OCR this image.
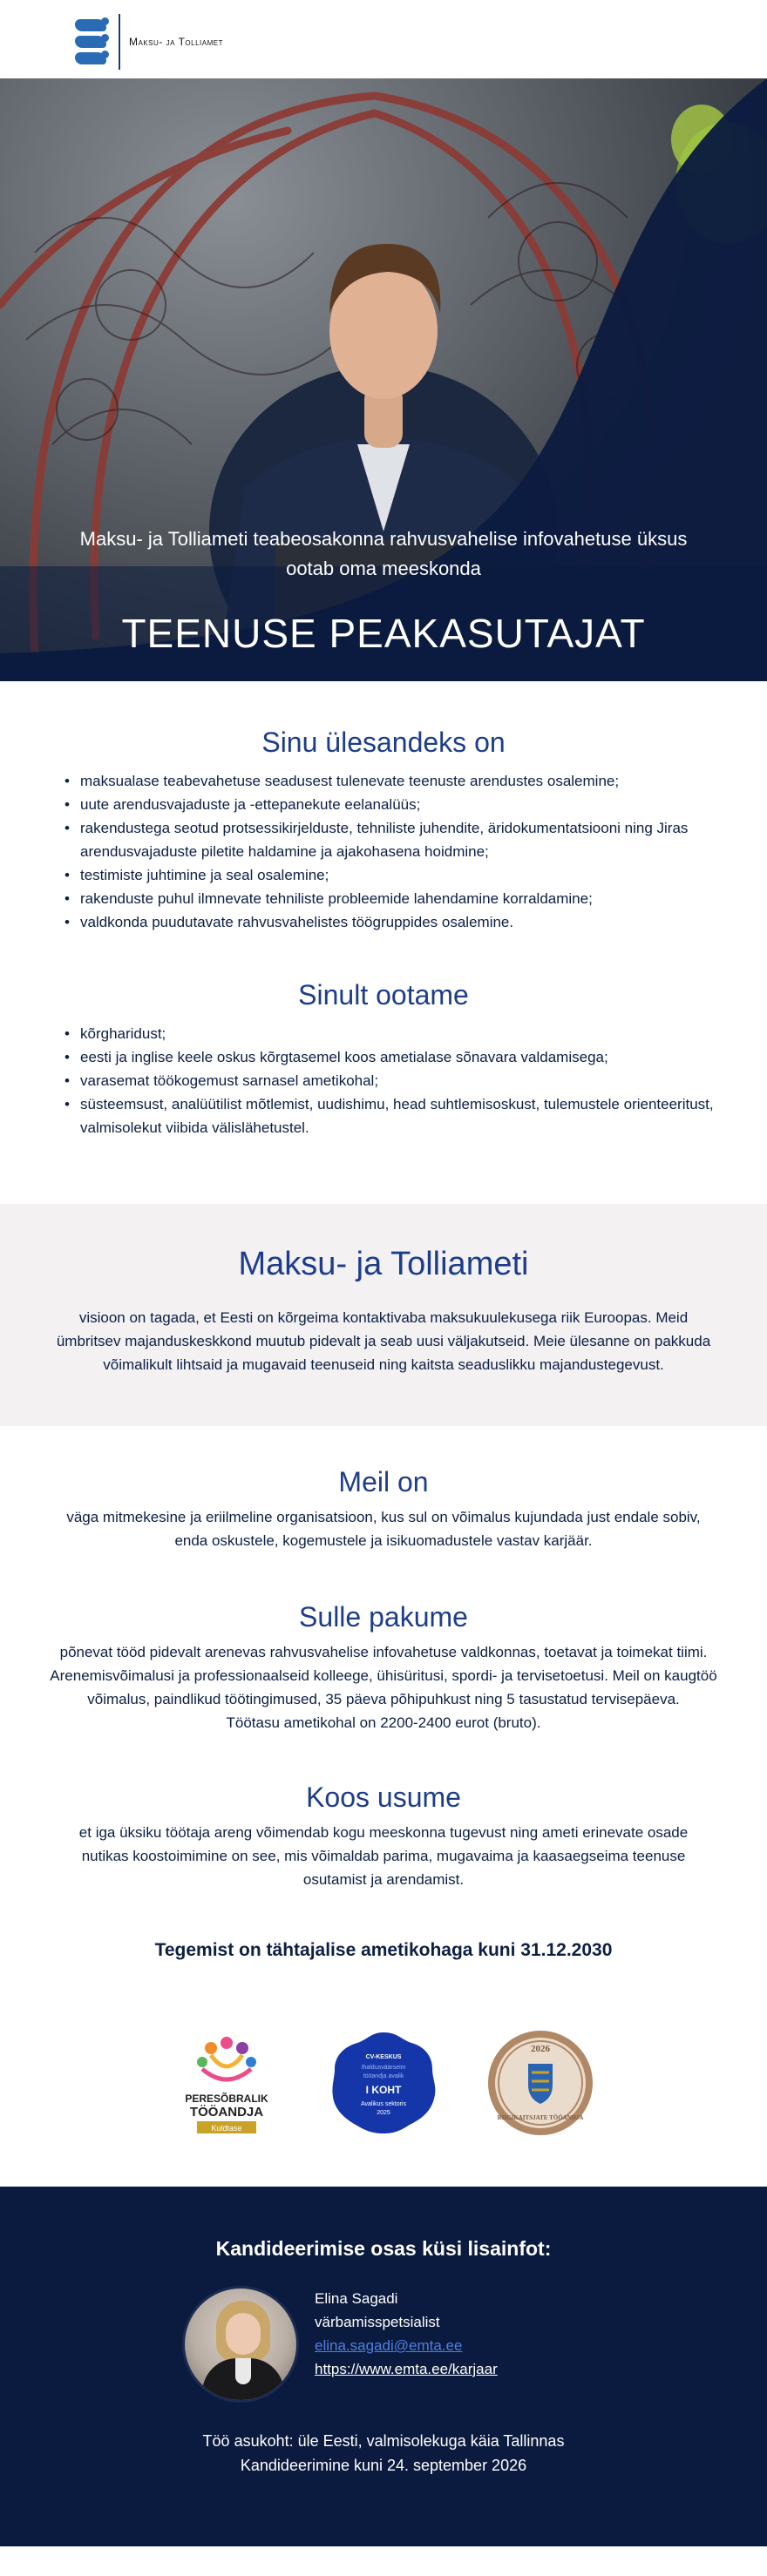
Maksu- ja Tolliamet

Maksu- ja Tolliameti teabeosakonna rahvusvahelise infovahetuse üksus ootab oma meeskonda

TEENUSE PEAKASUTAJAT
Sinu ülesandeks on
• maksualase teabevahetuse seadusest tulenevate teenuste arendustes osalemine;
• uute arendusvajaduste ja -ettepanekute eelanalüüs;
• rakendustega seotud protsessikirjelduste, tehniliste juhendite, äridokumentatsiooni ning Jiras arendusvajaduste piletite haldamine ja ajakohasena hoidmine;
• testimiste juhtimine ja seal osalemine;
• rakenduste puhul ilmnevate tehniliste probleemide lahendamine korraldamine;
• valdkonda puudutavate rahvusvahelistes töögruppides osalemine.
Sinult ootame
• kõrgharidust;
• eesti ja inglise keele oskus kõrgtasemel koos ametialase sõnavara valdamisega;
• varasemat töökogemust sarnasel ametikohal;
• süsteemsust, analüütilist mõtlemist, uudishimu, head suhtlemisoskust, tulemustele orienteeritust, valmisolekut viibida välislähetustel.
Maksu- ja Tolliameti

visioon on tagada, et Eesti on kõrgeima kontaktivaba maksukuulekusega riik Euroopas. Meid ümbritsev majanduskeskkond muutub pidevalt ja seab uusi väljakutseid. Meie ülesanne on pakkuda võimalikult lihtsaid ja mugavaid teenuseid ning kaitsta seaduslikku majandustegevust.

Meil on

väga mitmekesine ja eriilmeline organisatsioon, kus sul on võimalus kujundada just endale sobiv, enda oskustele, kogemustele ja isikuomadustele vastav karjäär.

Sulle pakume

põnevat tööd pidevalt arenevas rahvusvahelise infovahetuse valdkonnas, toetavat ja toimekat tiimi. Arenemisvõimalusi ja professionaalseid kolleege, ühisüritusi, spordi- ja tervisetoetusi. Meil on kaugtöö võimalus, paindlikud töötingimused, 35 päeva põhipuhkust ning 5 tasustatud tervisepäeva.

Töötasu ametikohal on 2200-2400 eurot (bruto).

Koos usume

et iga üksiku töötaja areng võimendab kogu meeskonna tugevust ning ameti erinevate osade nutikas koostoimimine on see, mis võimaldab parima, mugavaima ja kaasaegseima teenuse osutamist ja arendamist.

Tegemist on tähtajalise ametikohaga kuni 31.12.2030

PERESÕBRALIK
TÖÖANDJA
Kuldtase
CV-KESKUS
Ihaldusväärseim
tööandja avalik
I KOHT
Avalikus sektoris
2025
2026
RIIGIKAITSJATE TÖÖANDJA
Kandideerimise osas küsi lisainfot:
Elina Sagadi
värbamisspetsialist
elina.sagadi@emta.ee
https://www.emta.ee/karjaar

Töö asukoht: üle Eesti, valmisolekuga käia Tallinnas

Kandideerimine kuni 24. september 2026
